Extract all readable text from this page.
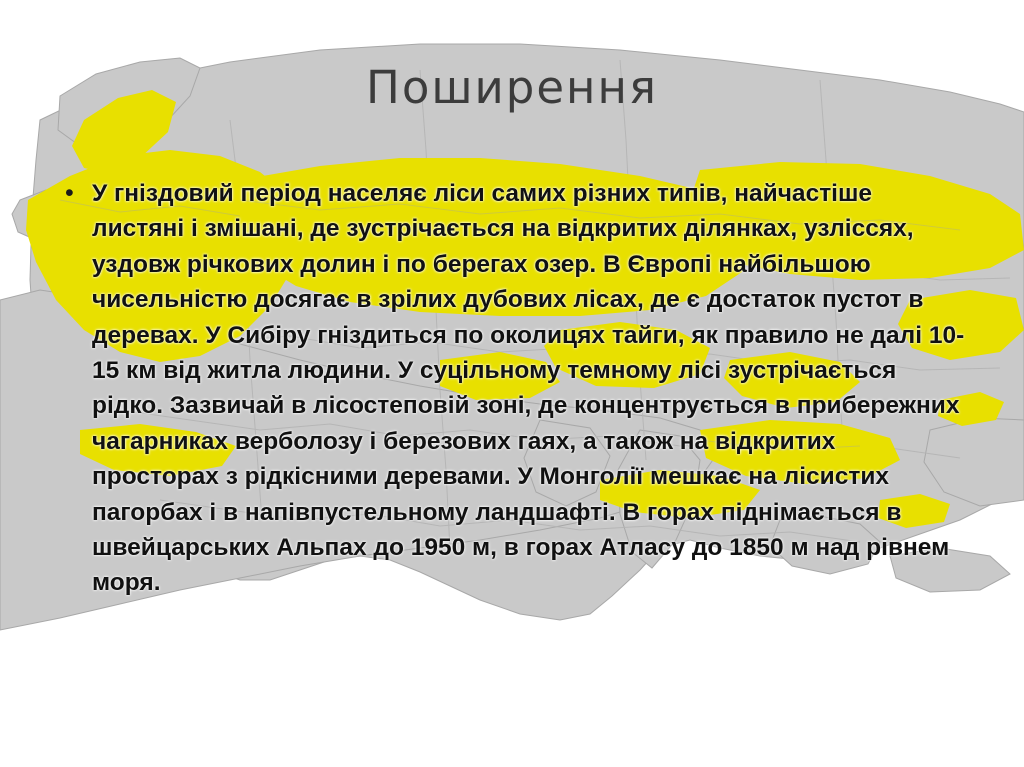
Поширення
• У гніздовий період населяє ліси самих різних типів, найчастіше листяні і змішані, де зустрічається на відкритих ділянках, узліссях, уздовж річкових долин і по берегах озер. В Європі найбільшою чисельністю досягає в зрілих дубових лісах, де є достаток пустот в деревах. У Сибіру гніздиться по околицях тайги, як правило не далі 10-15 км від житла людини. У суцільному темному лісі зустрічається рідко. Зазвичай в лісостеповій зоні, де концентрується в прибережних чагарниках верболозу і березових гаях, а також на відкритих просторах з рідкісними деревами. У Монголії мешкає на лісистих пагорбах і в напівпустельному ландшафті. В горах піднімається в швейцарських Альпах до 1950 м, в горах Атласу до 1850 м над рівнем моря.
